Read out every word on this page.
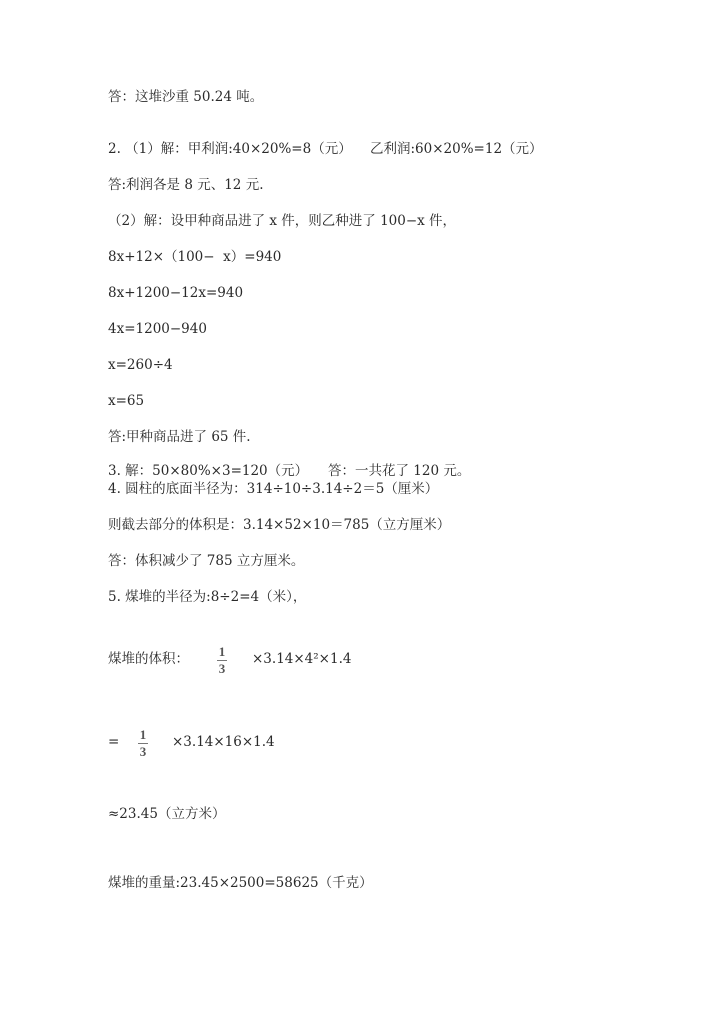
答：这堆沙重 50.24 吨。
2. （1）解：甲利润:40×20%=8（元） 乙利润:60×20%=12（元）
答:利润各是 8 元、12 元.
（2）解：设甲种商品进了 x 件，则乙种进了 100−x 件，
8x+12×（100−  x）=940
8x+1200−12x=940
4x=1200−940
x=260÷4
x=65
答:甲种商品进了 65 件.
3. 解：50×80%×3=120（元） 答：一共花了 120 元。
4. 圆柱的底面半径为：314÷10÷3.14÷2＝5（厘米）
则截去部分的体积是：3.14×52×10＝785（立方厘米）
答：体积减少了 785 立方厘米。
5. 煤堆的半径为:8÷2=4（米），
煤堆的体积： 1
3
×3.14×4²×1.4
= 1
3
×3.14×16×1.4
≈23.45（立方米）
煤堆的重量:23.45×2500=58625（千克）
